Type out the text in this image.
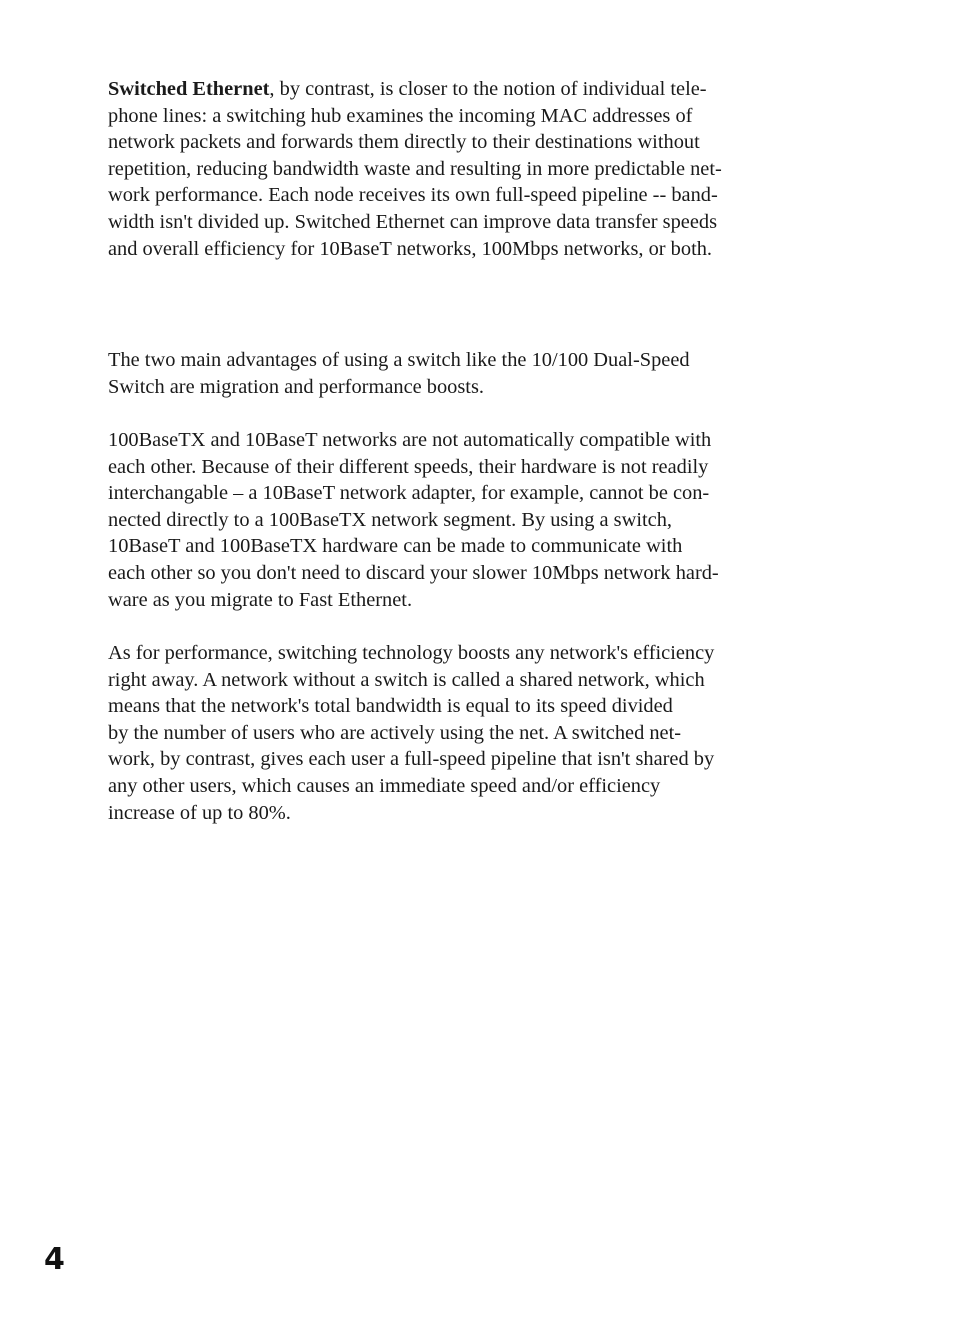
Switched Ethernet, by contrast, is closer to the notion of individual tele-
phone lines: a switching hub examines the incoming MAC addresses of
network packets and forwards them directly to their destinations without
repetition, reducing bandwidth waste and resulting in more predictable net-
work performance. Each node receives its own full-speed pipeline -- band-
width isn't divided up. Switched Ethernet can improve data transfer speeds
and overall efficiency for 10BaseT networks, 100Mbps networks, or both.

The two main advantages of using a switch like the 10/100 Dual-Speed
Switch are migration and performance boosts.

100BaseTX and 10BaseT networks are not automatically compatible with
each other. Because of their different speeds, their hardware is not readily
interchangable – a 10BaseT network adapter, for example, cannot be con-
nected directly to a 100BaseTX network segment. By using a switch,
10BaseT and 100BaseTX hardware can be made to communicate with
each other so you don't need to discard your slower 10Mbps network hard-
ware as you migrate to Fast Ethernet.

As for performance, switching technology boosts any network's efficiency
right away. A network without a switch is called a shared network, which
means that the network's total bandwidth is equal to its speed divided
by the number of users who are actively using the net. A switched net-
work, by contrast, gives each user a full-speed pipeline that isn't shared by
any other users, which causes an immediate speed and/or efficiency
increase of up to 80%.

4
